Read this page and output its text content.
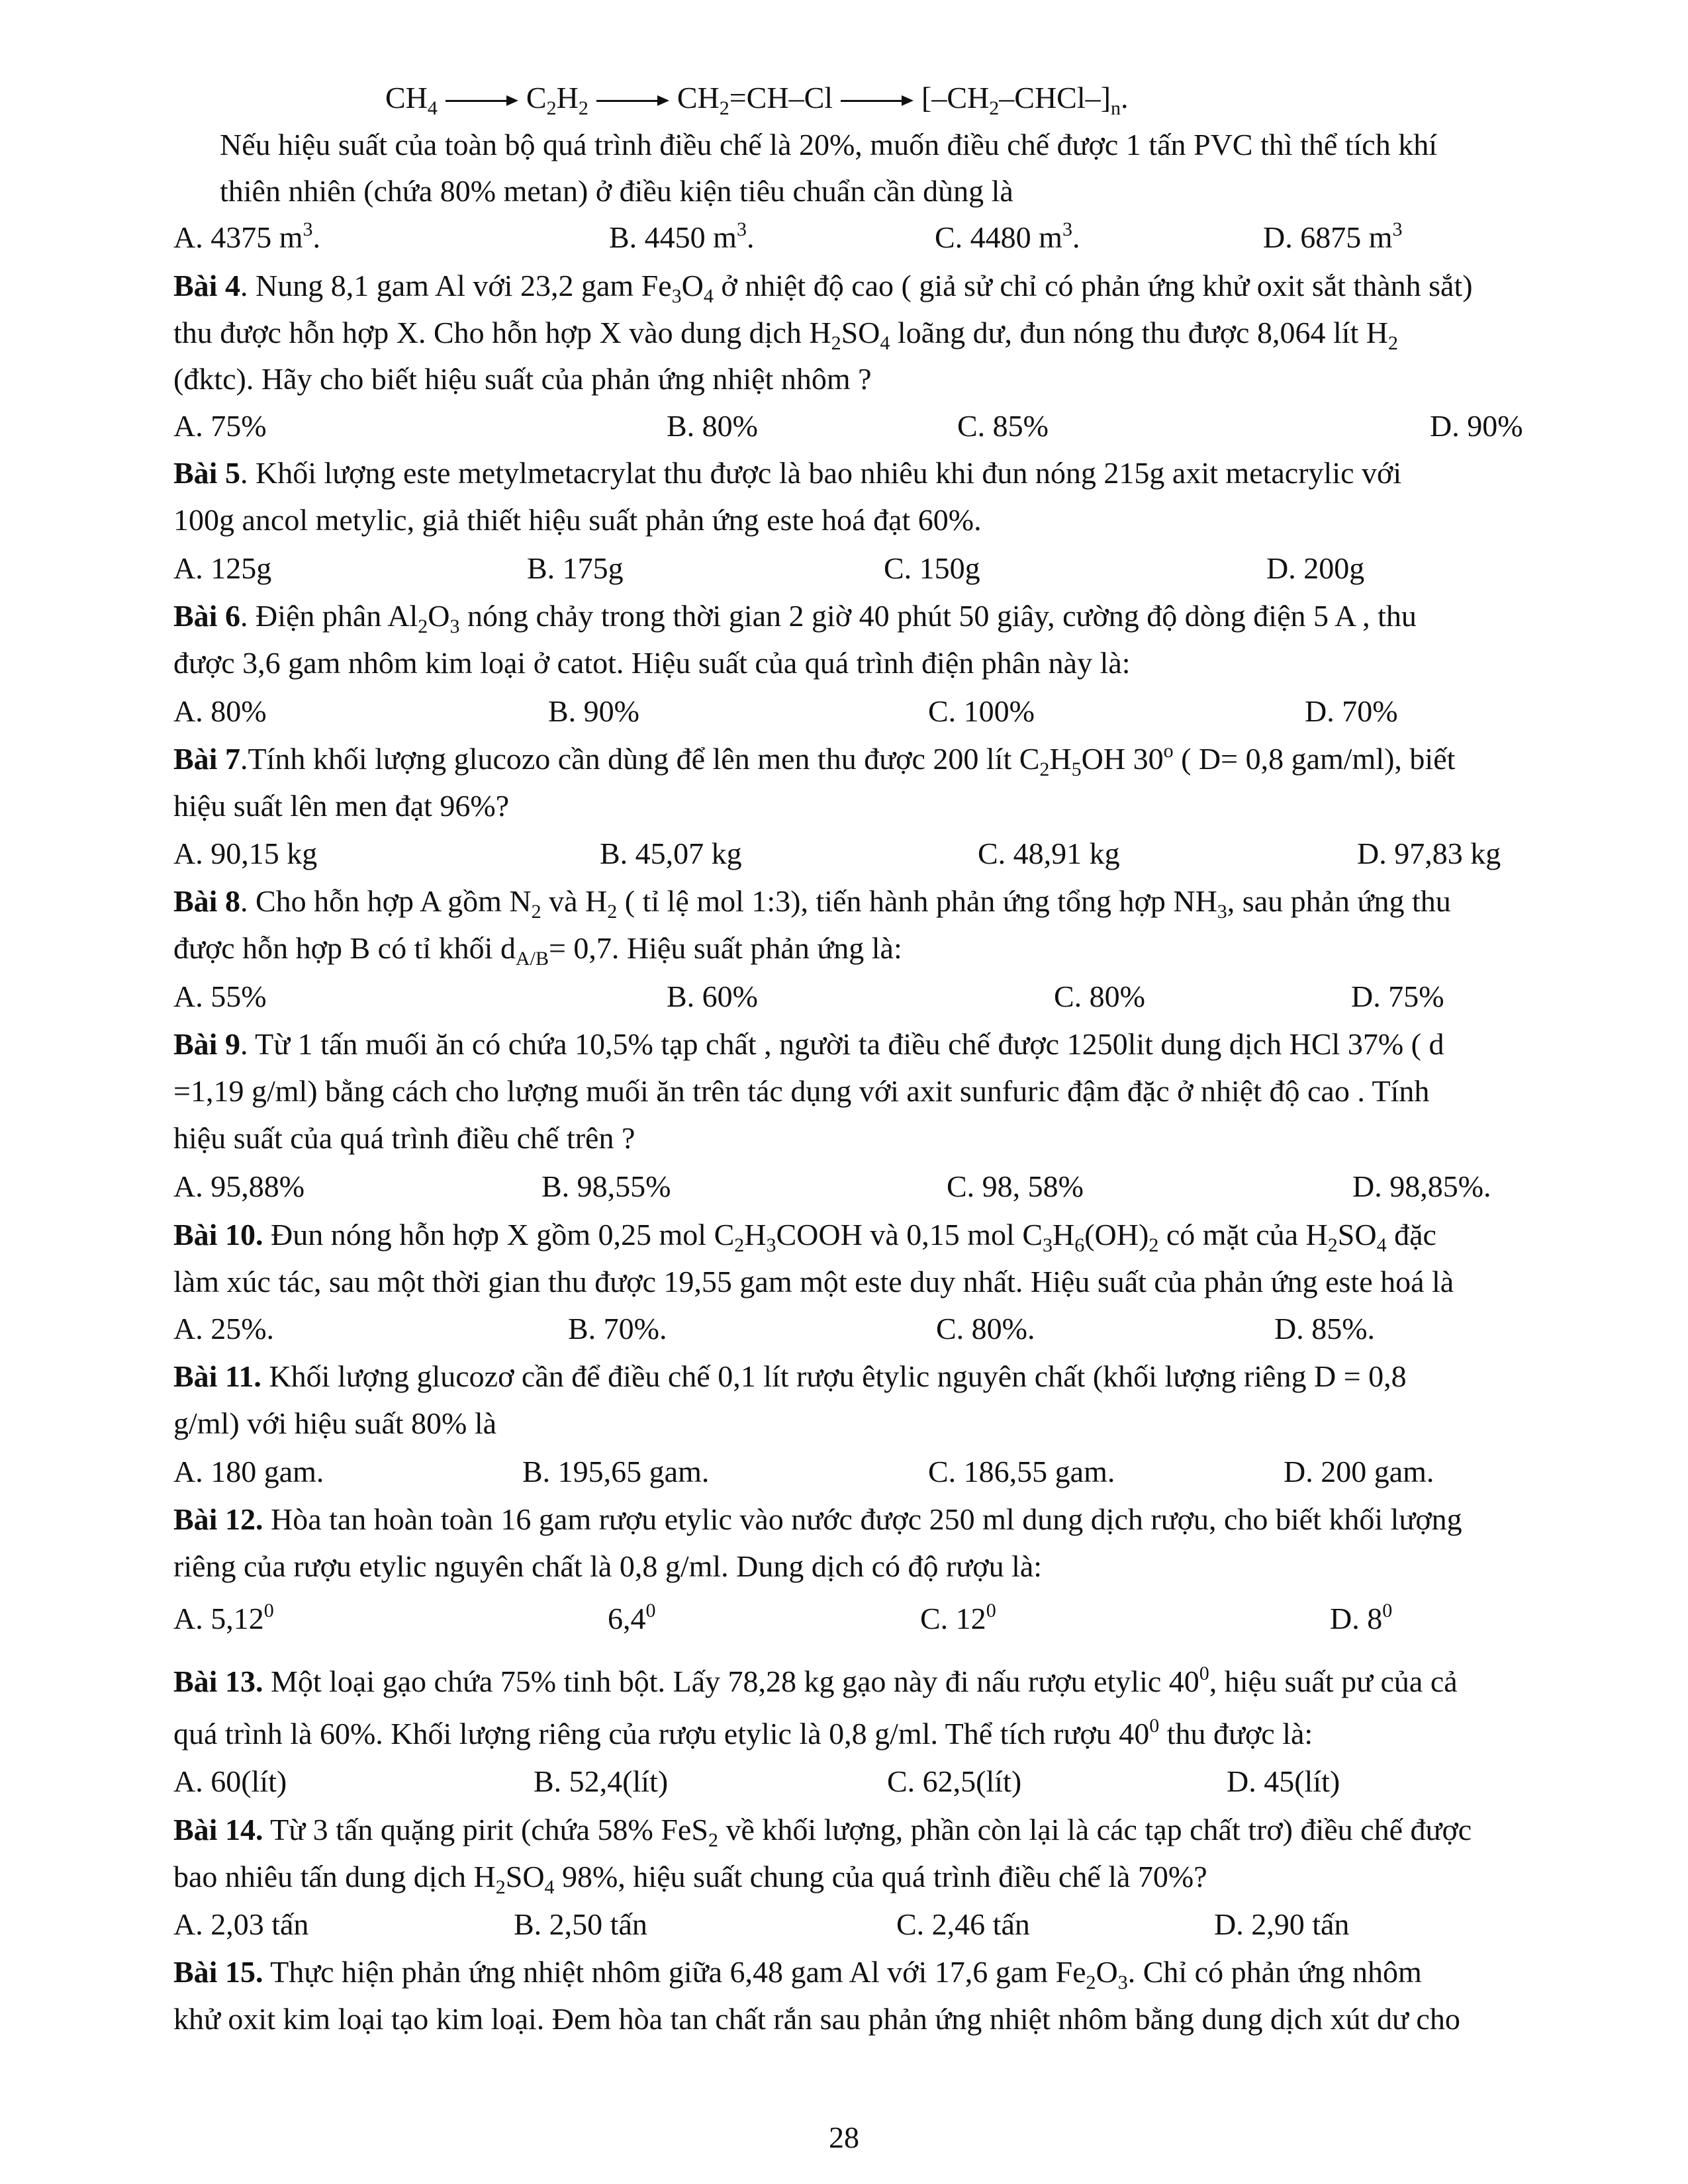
$CH_4$	$C_2H_2$	$CH_2=CH-Cl$	$[-CH_2-CHCl-]_n$.
Nếu hiệu suất của toàn bộ quá trình điều chế là 20%, muốn điều chế được 1 tấn PVC thì thể tích khí
thiên nhiên (chứa 80% metan) ở điều kiện tiêu chuẩn cần dùng là
A. 4375 $m^3$.	B. 4450 $m^3$.	C. 4480 $m^3$.	D. 6875 $m^3$
Bài 4. Nung 8,1 gam Al với 23,2 gam $Fe_3O_4$ ở nhiệt độ cao ( giả sử chỉ có phản ứng khử oxit sắt thành sắt)
thu được hỗn hợp X. Cho hỗn hợp X vào dung dịch $H_2SO_4$ loãng dư, đun nóng thu được 8,064 lít $H_2$
(đktc). Hãy cho biết hiệu suất của phản ứng nhiệt nhôm ?
A. 75%	B. 80%	C. 85%	D. 90%
Bài 5. Khối lượng este metylmetacrylat thu được là bao nhiêu khi đun nóng 215g axit metacrylic với
100g ancol metylic, giả thiết hiệu suất phản ứng este hoá đạt 60%.
A. 125g	B. 175g	C. 150g	D. 200g
Bài 6. Điện phân $Al_2O_3$ nóng chảy trong thời gian 2 giờ 40 phút 50 giây, cường độ dòng điện 5 A , thu
được 3,6 gam nhôm kim loại ở catot. Hiệu suất của quá trình điện phân này là:
A. 80%	B. 90%	C. 100%	D. 70%
Bài 7.Tính khối lượng glucozo cần dùng để lên men thu được 200 lít $C_2H_5OH$ 30$^o$ ( D= 0,8 gam/ml), biết
hiệu suất lên men đạt 96%?
A. 90,15 kg	B. 45,07 kg	C. 48,91 kg	D. 97,83 kg
Bài 8. Cho hỗn hợp A gồm $N_2$ và $H_2$ ( tỉ lệ mol 1:3), tiến hành phản ứng tổng hợp $NH_3$, sau phản ứng thu
được hỗn hợp B có tỉ khối $d_{A/B}= 0,7$. Hiệu suất phản ứng là:
A. 55%	B. 60%	C. 80%	D. 75%
Bài 9. Từ 1 tấn muối ăn có chứa 10,5% tạp chất , người ta điều chế được 1250lit dung dịch HCl 37% ( d
=1,19 g/ml) bằng cách cho lượng muối ăn trên tác dụng với axit sunfuric đậm đặc ở nhiệt độ cao . Tính
hiệu suất của quá trình điều chế trên ?
A. 95,88%	B. 98,55%	C. 98, 58%	D. 98,85%.
Bài 10. Đun nóng hỗn hợp X gồm 0,25 mol $C_2H_3COOH$ và 0,15 mol $C_3H_6(OH)_2$ có mặt của $H_2SO_4$ đặc
làm xúc tác, sau một thời gian thu được 19,55 gam một este duy nhất. Hiệu suất của phản ứng este hoá là
A. 25%.	B. 70%.	C. 80%.	D. 85%.
Bài 11. Khối lượng glucozơ cần để điều chế 0,1 lít rượu êtylic nguyên chất (khối lượng riêng D = 0,8
g/ml) với hiệu suất 80% là
A. 180 gam.	B. 195,65 gam.	C. 186,55 gam.	D. 200 gam.
Bài 12. Hòa tan hoàn toàn 16 gam rượu etylic vào nước được 250 ml dung dịch rượu, cho biết khối lượng
riêng của rượu etylic nguyên chất là 0,8 g/ml. Dung dịch có độ rượu là:
A. 5,12$^0$	$6,4^0$	C. $12^0$	D. $8^0$
Bài 13. Một loại gạo chứa 75% tinh bột. Lấy 78,28 kg gạo này đi nấu rượu etylic $40^0$, hiệu suất pư của cả
quá trình là 60%. Khối lượng riêng của rượu etylic là 0,8 g/ml. Thể tích rượu $40^0$ thu được là:
A. 60(lít)	B. 52,4(lít)	C. 62,5(lít)	D. 45(lít)
Bài 14. Từ 3 tấn quặng pirit (chứa 58% FeS$_2$ về khối lượng, phần còn lại là các tạp chất trơ) điều chế được
bao nhiêu tấn dung dịch $H_2SO_4$ 98%, hiệu suất chung của quá trình điều chế là 70%?
A. 2,03 tấn	B. 2,50 tấn	C. 2,46 tấn	D. 2,90 tấn
Bài 15. Thực hiện phản ứng nhiệt nhôm giữa 6,48 gam Al với 17,6 gam $Fe_2O_3$. Chỉ có phản ứng nhôm
khử oxit kim loại tạo kim loại. Đem hòa tan chất rắn sau phản ứng nhiệt nhôm bằng dung dịch xút dư cho
28
